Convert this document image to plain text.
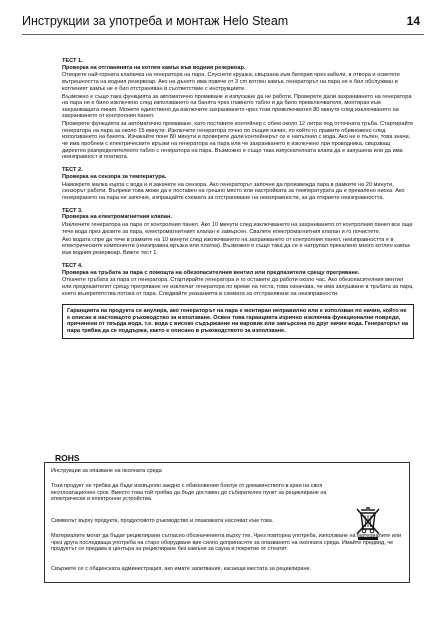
Инструкции за употреба и монтаж Helo Steam	14
ТЕСТ 1.
Проверка на отгланянята на котлен камък във водния резервоар.
Отворете най-горната клапачка на генератора на пара. Спуснете крушка, свързана към батерия чрез кабели, в отвора и осветете вътрешността на водния резервоар. Ако на дъното има повече от 3 cm котлен камък, генераторът на пара не е бил обслужван и котленият камък не е бил отстраняван в съответствие с инструкциите.
Възможно е също така функцията за автоматично промиване и изпускане да не работи. Проверете дали захранването на генератора на пара не е било изключено след използването на банята чрез главното табло и да било превключвателя, монтиран към захранващата линия. Можете единствено да изключите захранването чрез този превключвател 80 минути след изключването на захранването от контролния панел.
Проверете функцията за автоматично промиване, като поставите контейнер с обем около 12 литра под отточната тръба. Стартирайте генератора на пара за около 15 минути. Изключете генератора точно по същия начин, по който го правите обикновено след използването на банята. Изчакайте поне 80 минути и проверете дали контейнерът се е напълнил с вода. Ако не е пълен, това значи, че има проблем с електрическите връзки на генератора на пара или че захранването е изключено при проводника, свързващ директно разпределителното табло с генератора на пара. Възможно е също така изпускателната клапа да е запушена или да има неизправност в платката.
ТЕСТ 2.
Проверка на сензора за температура.
Намокрете малка кърпа с вода и я закачете на сензора. Ако генераторът започне да произвежда пара в рамките на 20 минути, сензорът работи. Въпреки това може да е поставен на грешно място или настройката за температурата да е прекалено ниска. Ако генерирането на пара не започне, изпращайте схемата за отстраняване на неизправности, за да откриете неизправността.
ТЕСТ 3.
Проверка на електромагнитния клапан.
Изключете генератора на пара от контролния панел. Ако 10 минути след изключването на захранването от контролния панел все още тече вода през дюзите за пара, електромагнитният клапан е замърсен. Свалете електромагнитния клапан и го почистете.
Ако водата спре да тече в рамките на 10 минути след изключването на захранването от контролния панел, неизправността е в електрическите компоненти (неизправна връзка или платка). Възможно е също така да се е натрупал прекалено много котлен камък във водния резервоар. Вижте тест 1.
ТЕСТ 4.
Проверка на тръбата за пара с помощта на обезопасителния вентил или предпазителя срещу прегряване.
Откачете тръбата за пара от генератора. Стартирайте генератора и го оставете да работи около час. Ако обезопасителния вентил или предпазителят срещу прегряване не изключат генератора по време на теста, това означава, че има запушване в тръбата за пара, което възпрепятства потока от пара. Следвайте указанията в схемата за отстраняване на неизправности.
Гаранцията на продукта се анулира, ако генераторът на пара е монтиран неправилно или е използван по начин, който не е описан в настоящото ръководство за използване. Освен това гаранцията изрично изключва функционални повреди, причинени от твърда вода, т.е. вода с високо съдържание на варовик или замърсена по друг начин вода. Генераторът на пара трябва да се поддържа, както е описано в ръководството за използване.
ROHS
Инструкции за опазване на околната среда
Този продукт не трябва да бъде изхвърлян заедно с обикновения боклук от домакинството в края на своя експлоатационен срок. Вместо това той трябва да бъде доставен до събирателен пункт за рециклиране на електрически и електронни устройства.
Символът върху продукта, продуктовото ръководство и опаковката насочват към това.
Материалите могат да бъдат рециклирани съгласно обозначенията върху тях. Чрез повторна употреба, използване на материалите или чрез друга последваща употреба на старо оборудване вие силно допринасяте за опазването на околната среда. Имайте предвид, че продуктът се предава в центъра за рециклиране без камъни за сауна и покритие от стеатит.
Свържете се с общинската администрация, ако имате запитвания, касаещи местата за рециклиране.
